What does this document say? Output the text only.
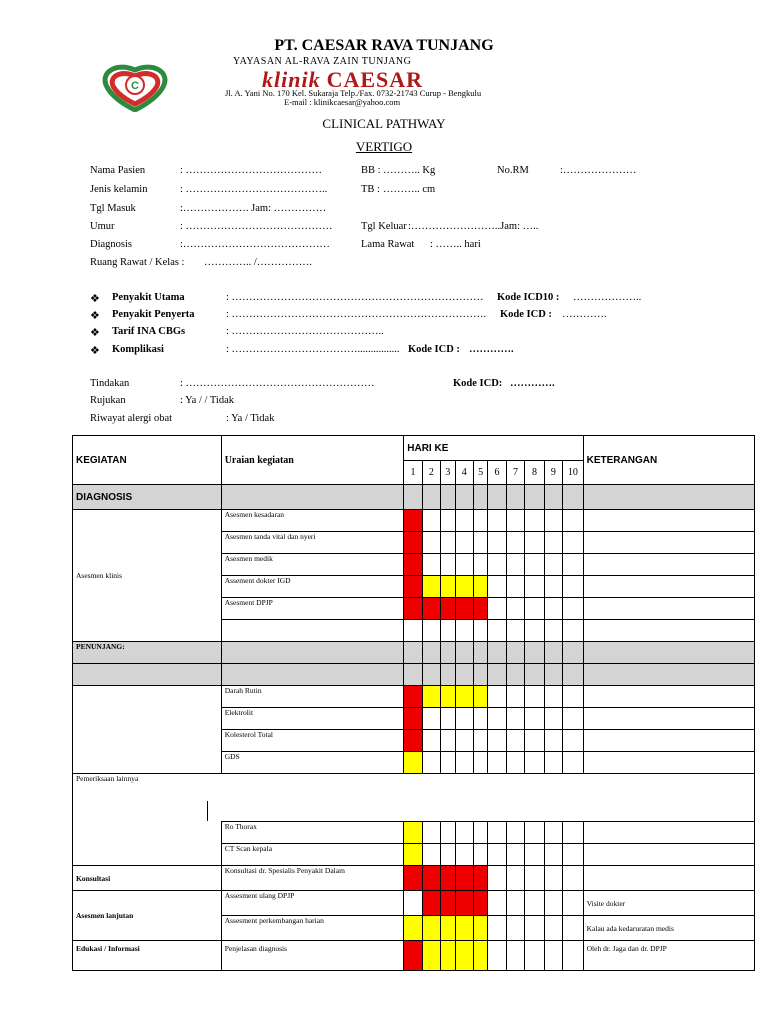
PT. CAESAR RAVA TUNJANG
C
YAYASAN AL-RAVA ZAIN TUNJANG
klinik CAESAR
Jl. A. Yani No. 170 Kel. Sukaraja Telp./Fax. 0732-21743 Curup - Bengkulu
E-mail : klinikcaesar@yahoo.com
CLINICAL PATHWAY
VERTIGO
Nama Pasien	: …………………………………	BB : ……….. Kg	No.RM	:…………………
Jenis kelamin	: …………………………………..	TB : ……….. cm
Tgl Masuk	:………………. Jam: ……………
Umur	: ……………………………………	Tgl Keluar :……………………..Jam: …..
Diagnosis	:……………………………………	Lama Rawat : …….. hari
Ruang Rawat / Kelas : ………….. /…………….
❖ Penyakit Utama	: ……………………………………………………………… Kode ICD10 : ………………..
❖ Penyakit Penyerta	: ………………………………………………………………. Kode ICD : ………….
❖ Tarif INA CBGs	: ……………………………………..
❖ Komplikasi	: ………………………………................ Kode ICD : ………….
Tindakan	: ………………………………………………	Kode ICD: ………….
Rujukan	: Ya / / Tidak
Riwayat alergi obat	: Ya / Tidak
KEGIATAN	Uraian kegiatan	HARI KE										KETERANGAN
		1	2	3	4	5	6	7	8	9	10	
DIAGNOSIS												
Asesmen klinis	Asesmen kesadaran											
	Asesmen tanda vital dan nyeri											
	Asesmen medik											
	Assement dokter IGD											
	Asesment DPJP											

PENUNJANG:												

	Darah Rutin											
	Elektrolit											
	Kolesterol Total											
	GDS											
Pemeriksaan lainnya												

	Ro Thorax											
	CT Scan kepala											
Konsultasi	Konsultasi dr. Spesialis Penyakit Dalam											
Asesmen lanjutan	Assesment ulang DPJP											Visite dokter
	Assesment perkembangan harian											Kalau ada kedaruratan medis
Edukasi / Informasi	Penjelasan diagnosis											Oleh dr. Jaga dan dr. DPJP
